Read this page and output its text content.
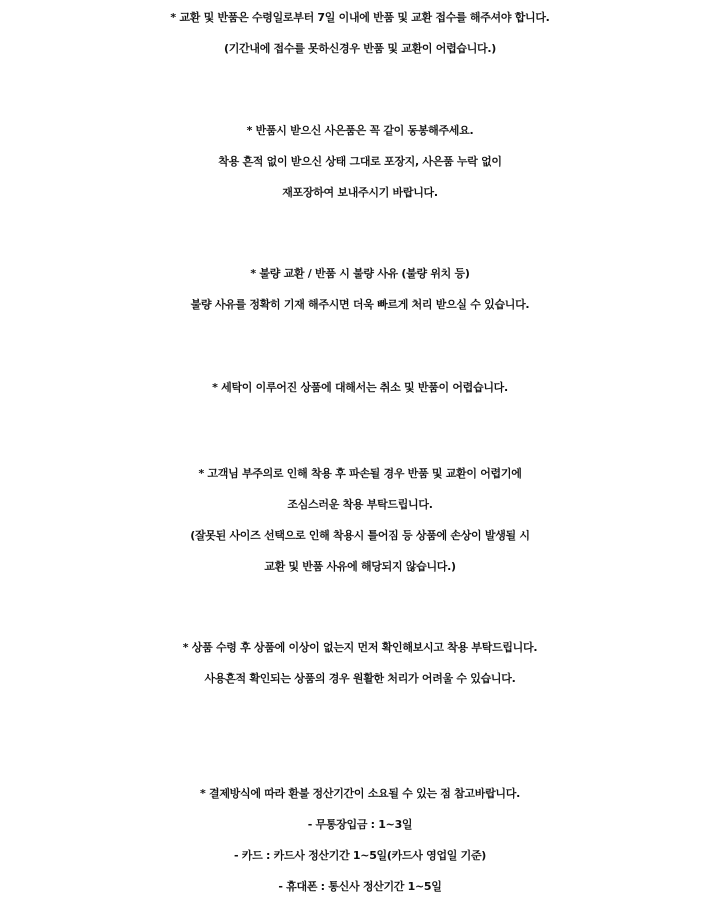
* 교환 및 반품은 수령일로부터 7일 이내에 반품 및 교환 접수를 해주셔야 합니다.
(기간내에 접수를 못하신경우 반품 및 교환이 어렵습니다.)
* 반품시 받으신 사은품은 꼭 같이 동봉해주세요.
착용 흔적 없이 받으신 상태 그대로 포장지, 사은품 누락 없이
재포장하여 보내주시기 바랍니다.
* 불량 교환 / 반품 시 불량 사유 (불량 위치 등)
불량 사유를 정확히 기재 해주시면 더욱 빠르게 처리 받으실 수 있습니다.
* 세탁이 이루어진 상품에 대해서는 취소 및 반품이 어렵습니다.
* 고객님 부주의로 인해 착용 후 파손될 경우 반품 및 교환이 어렵기에
조심스러운 착용 부탁드립니다.
(잘못된 사이즈 선택으로 인해 착용시 틀어짐 등 상품에 손상이 발생될 시
교환 및 반품 사유에 해당되지 않습니다.)
* 상품 수령 후 상품에 이상이 없는지 먼저 확인해보시고 착용 부탁드립니다.
사용흔적 확인되는 상품의 경우 원활한 처리가 어려울 수 있습니다.
* 결제방식에 따라 환불 정산기간이 소요될 수 있는 점 참고바랍니다.
- 무통장입금 : 1~3일
- 카드 : 카드사 정산기간 1~5일(카드사 영업일 기준)
- 휴대폰 : 통신사 정산기간 1~5일
